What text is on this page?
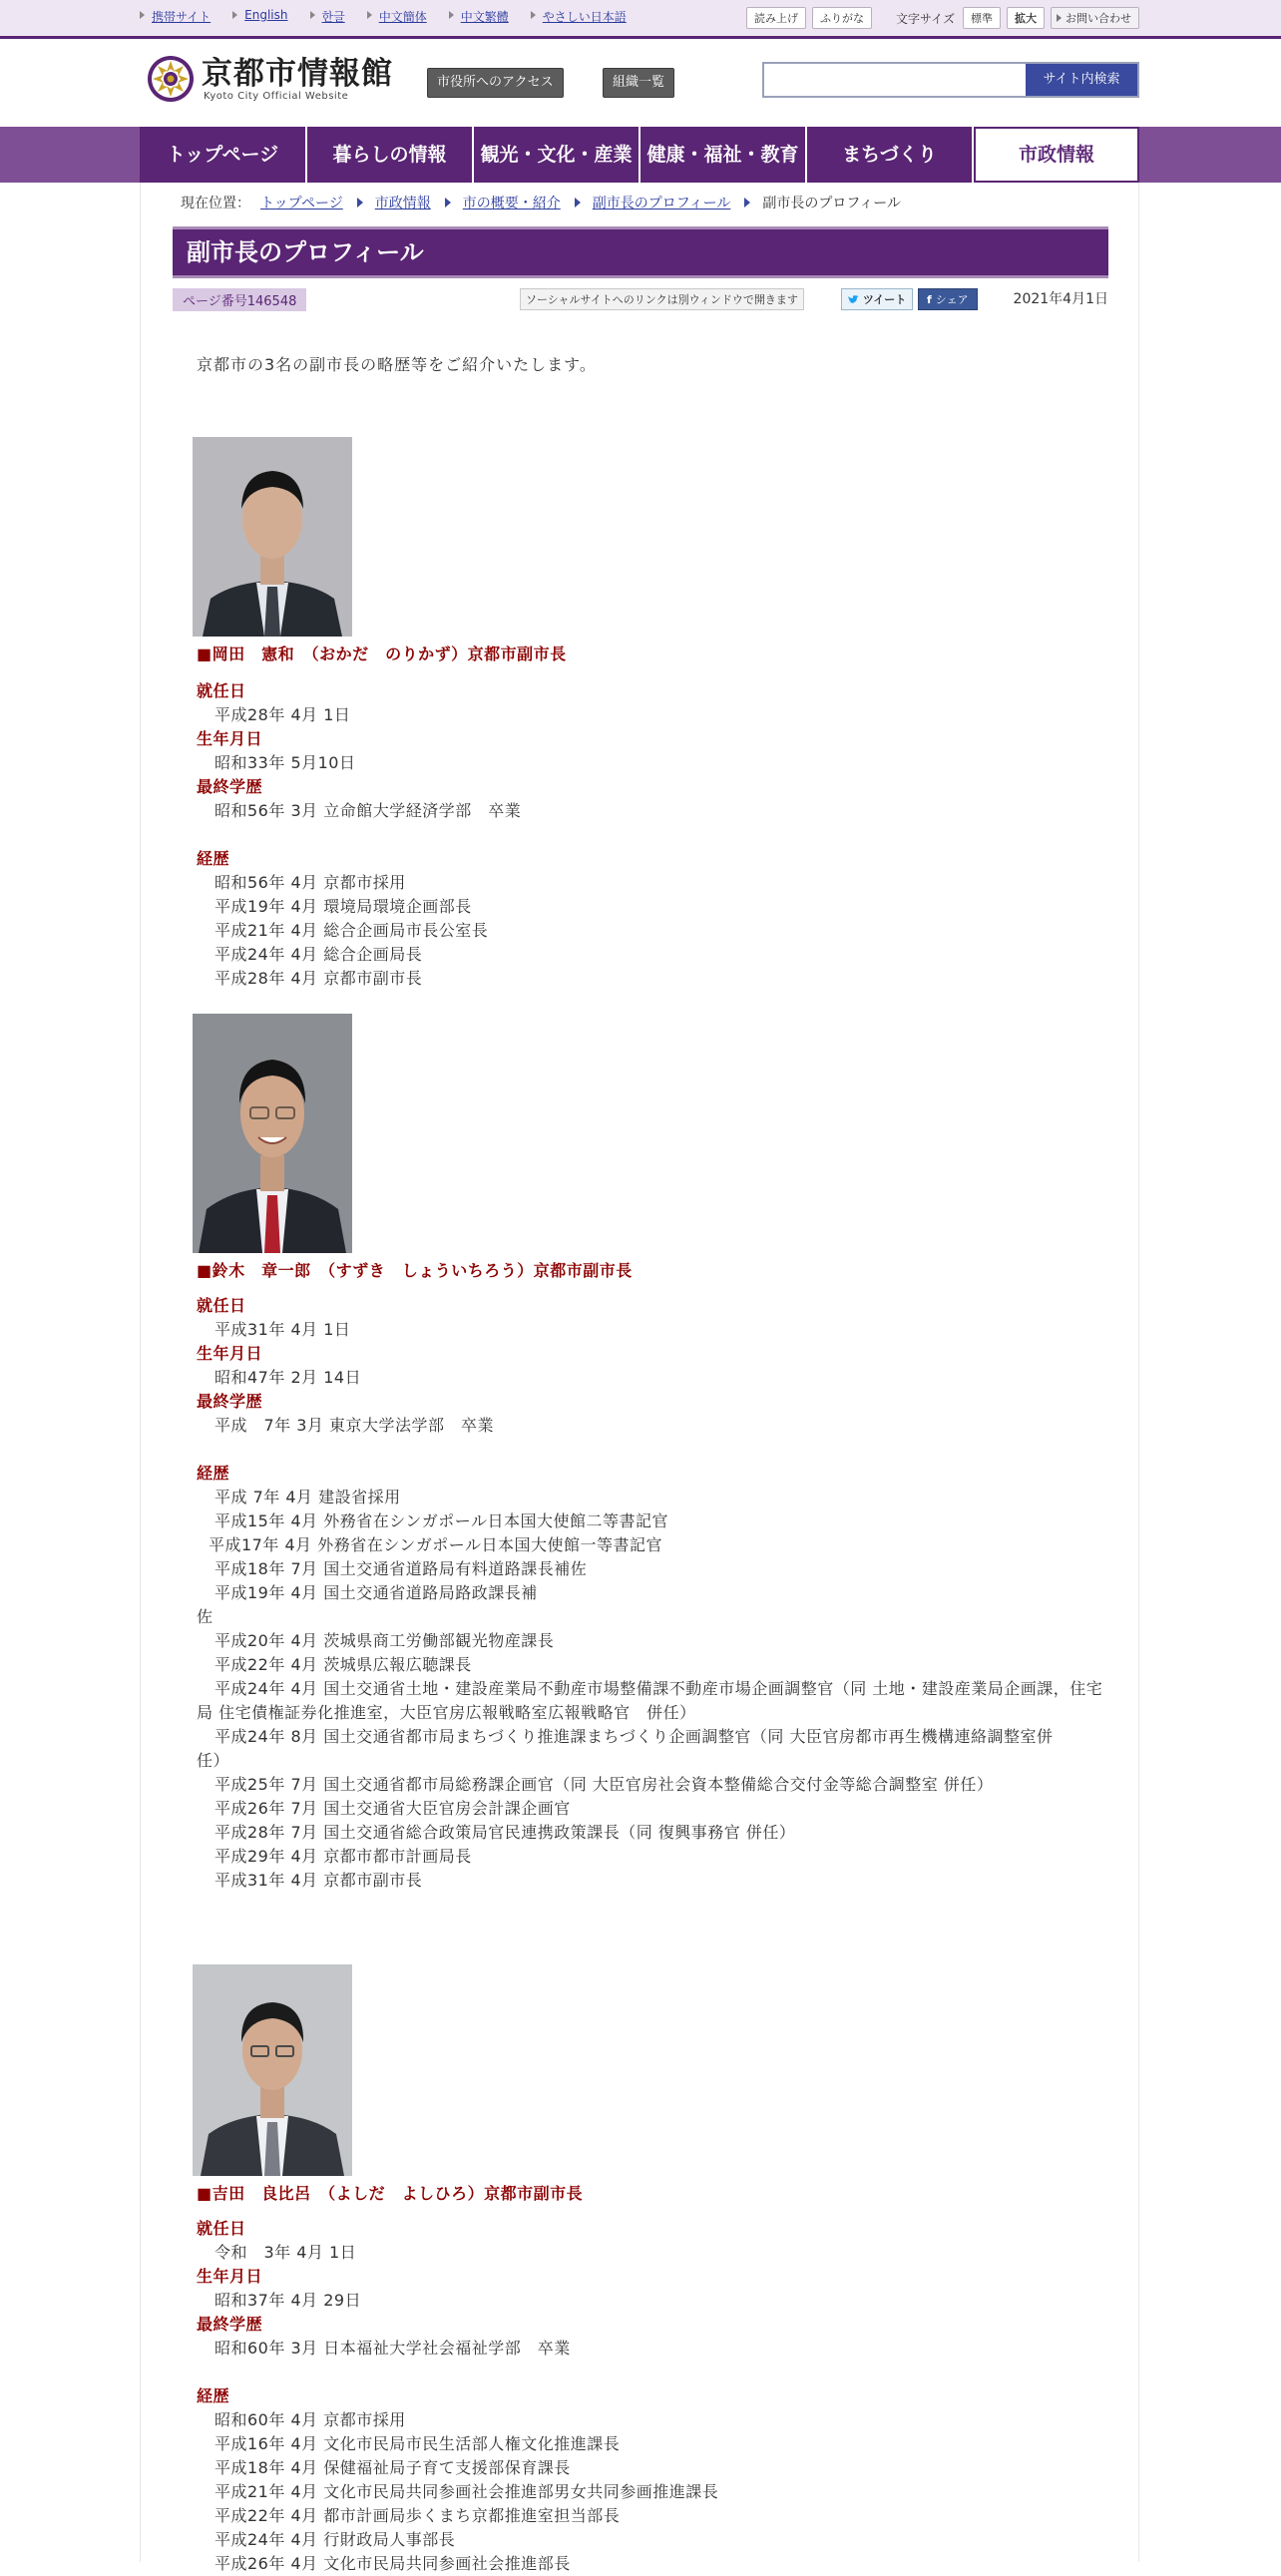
携帯サイト	English	한글	中文簡体	中文繁體	やさしい日本語	読み上げ	ふりがな	文字サイズ	標準	拡大	お問い合わせ
京都市情報館
Kyoto City Official Website
市役所へのアクセス	組織一覧	サイト内検索
トップページ	暮らしの情報	観光・文化・産業 健康・福祉・教育	まちづくり	市政情報
現在位置： トップページ 市政情報 市の概要・紹介 副市長のプロフィール 副市長のプロフィール
副市長のプロフィール
ページ番号146548	ソーシャルサイトへのリンクは別ウィンドウで開きます	ツイート	f シェア	2021年4月1日
京都市の3名の副市長の略歴等をご紹介いたします。
■岡田　憲和　（おかだ　のりかず）京都市副市長
就任日
平成28年 4月 1日
生年月日
昭和33年 5月10日
最終学歴
昭和56年 3月 立命館大学経済学部　卒業
経歴
昭和56年 4月 京都市採用
平成19年 4月 環境局環境企画部長
平成21年 4月 総合企画局市長公室長
平成24年 4月 総合企画局長
平成28年 4月 京都市副市長
■鈴木　章一郎　（すずき　しょういちろう）京都市副市長
就任日
平成31年 4月 1日
生年月日
昭和47年 2月 14日
最終学歴
平成　7年 3月 東京大学法学部　卒業
経歴
平成 7年 4月 建設省採用
平成15年 4月 外務省在シンガポール日本国大使館二等書記官
平成17年 4月 外務省在シンガポール日本国大使館一等書記官
平成18年 7月 国土交通省道路局有料道路課長補佐
平成19年 4月 国土交通省道路局路政課長補
佐
平成20年 4月 茨城県商工労働部観光物産課長
平成22年 4月 茨城県広報広聴課長
平成24年 4月 国土交通省土地・建設産業局不動産市場整備課不動産市場企画調整官（同 土地・建設産業局企画課，住宅局 住宅債権証券化推進室，大臣官房広報戦略室広報戦略官　併任）
平成24年 8月 国土交通省都市局まちづくり推進課まちづくり企画調整官（同 大臣官房都市再生機構連絡調整室併
任）
平成25年 7月 国土交通省都市局総務課企画官（同 大臣官房社会資本整備総合交付金等総合調整室 併任）
平成26年 7月 国土交通省大臣官房会計課企画官
平成28年 7月 国土交通省総合政策局官民連携政策課長（同 復興事務官 併任）
平成29年 4月 京都市都市計画局長
平成31年 4月 京都市副市長
■吉田　良比呂　（よしだ　よしひろ）京都市副市長
就任日
令和　3年 4月 1日
生年月日
昭和37年 4月 29日
最終学歴
昭和60年 3月 日本福祉大学社会福祉学部　卒業
経歴
昭和60年 4月 京都市採用
平成16年 4月 文化市民局市民生活部人権文化推進課長
平成18年 4月 保健福祉局子育て支援部保育課長
平成21年 4月 文化市民局共同参画社会推進部男女共同参画推進課長
平成22年 4月 都市計画局歩くまち京都推進室担当部長
平成24年 4月 行財政局人事部長
平成26年 4月 文化市民局共同参画社会推進部長
